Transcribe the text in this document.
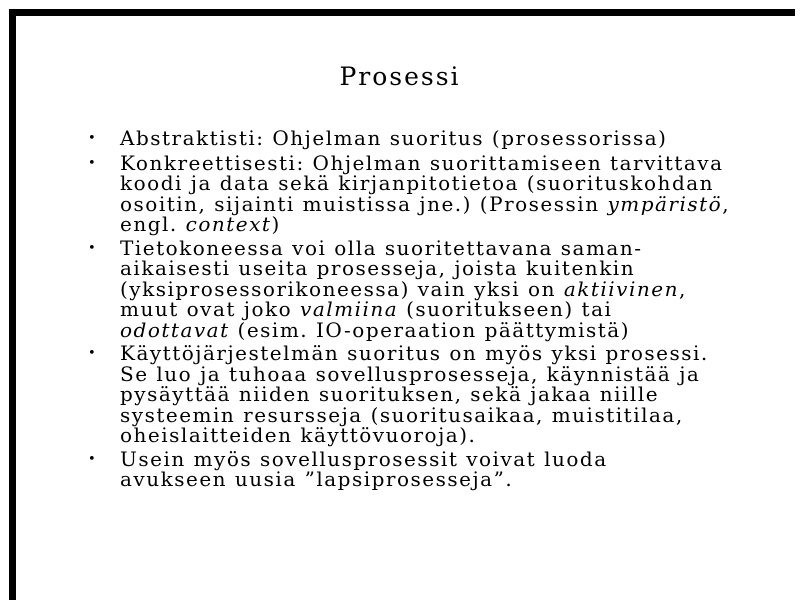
Prosessi
•	Abstraktisti: Ohjelman suoritus (prosessorissa)
•	Konkreettisesti: Ohjelman suorittamiseen tarvittava
koodi ja data sekä kirjanpitotietoa (suorituskohdan
osoitin, sijainti muistissa jne.) (Prosessin ympäristö,
engl. context)
•	Tietokoneessa voi olla suoritettavana saman-
aikaisesti useita prosesseja, joista kuitenkin
(yksiprosessorikoneessa) vain yksi on aktiivinen,
muut ovat joko valmiina (suoritukseen) tai
odottavat (esim. IO-operaation päättymistä)
•	Käyttöjärjestelmän suoritus on myös yksi prosessi.
Se luo ja tuhoaa sovellusprosesseja, käynnistää ja
pysäyttää niiden suorituksen, sekä jakaa niille
systeemin resursseja (suoritusaikaa, muistitilaa,
oheislaitteiden käyttövuoroja).
•	Usein myös sovellusprosessit voivat luoda
avukseen uusia ”lapsiprosesseja”.
